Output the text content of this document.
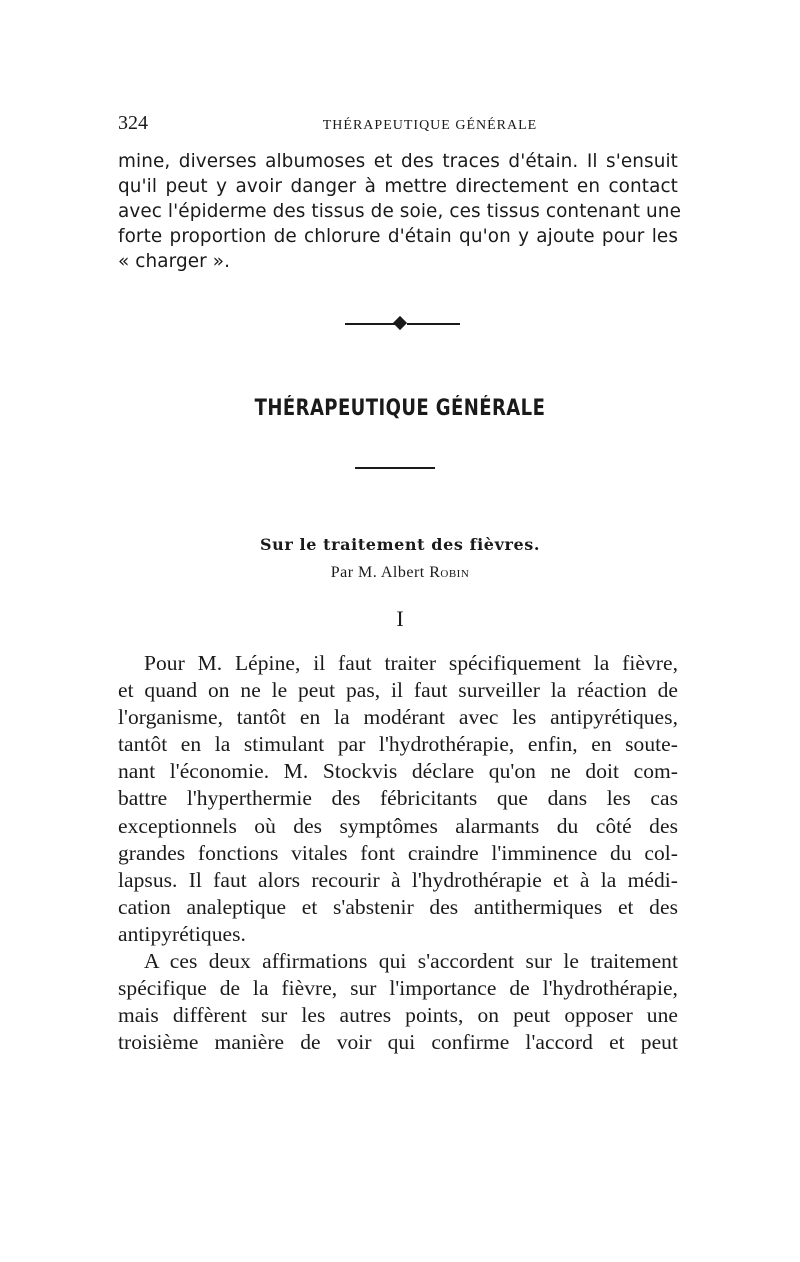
324	THÉRAPEUTIQUE GÉNÉRALE
mine, diverses albumoses et des traces d'étain. Il s'ensuit
qu'il peut y avoir danger à mettre directement en contact
avec l'épiderme des tissus de soie, ces tissus contenant une
forte proportion de chlorure d'étain qu'on y ajoute pour les
« charger ».
THÉRAPEUTIQUE GÉNÉRALE
Sur le traitement des fièvres.
Par M. Albert Robin
I
Pour M. Lépine, il faut traiter spécifiquement la fièvre,
et quand on ne le peut pas, il faut surveiller la réaction de
l'organisme, tantôt en la modérant avec les antipyrétiques,
tantôt en la stimulant par l'hydrothérapie, enfin, en soute-
nant l'économie. M. Stockvis déclare qu'on ne doit com-
battre l'hyperthermie des fébricitants que dans les cas
exceptionnels où des symptômes alarmants du côté des
grandes fonctions vitales font craindre l'imminence du col-
lapsus. Il faut alors recourir à l'hydrothérapie et à la médi-
cation analeptique et s'abstenir des antithermiques et des
antipyrétiques.
A ces deux affirmations qui s'accordent sur le traitement
spécifique de la fièvre, sur l'importance de l'hydrothérapie,
mais diffèrent sur les autres points, on peut opposer une
troisième manière de voir qui confirme l'accord et peut
